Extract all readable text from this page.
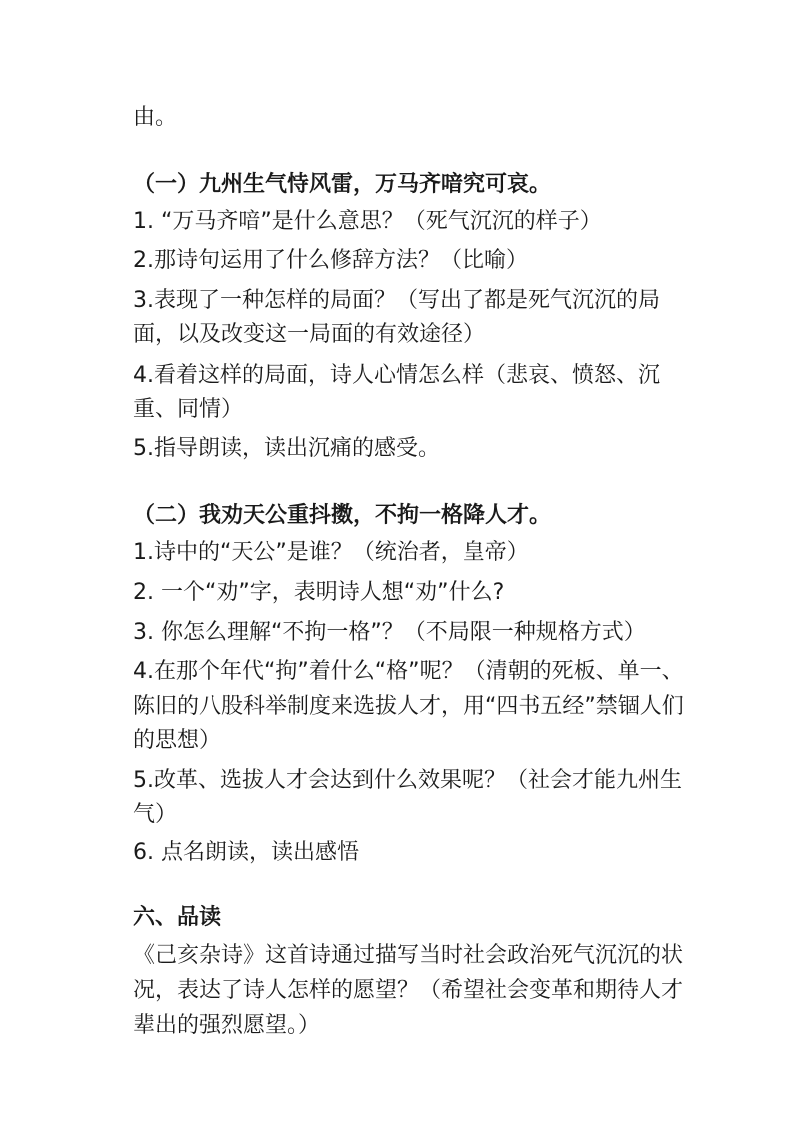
由。
（一）九州生气恃风雷，万马齐喑究可哀。
1. “万马齐喑”是什么意思？（死气沉沉的样子）
2.那诗句运用了什么修辞方法？（比喻）
3.表现了一种怎样的局面？（写出了都是死气沉沉的局
面，以及改变这一局面的有效途径）
4.看着这样的局面，诗人心情怎么样（悲哀、愤怒、沉
重、同情）
5.指导朗读，读出沉痛的感受。
（二）我劝天公重抖擞，不拘一格降人才。
1.诗中的“天公”是谁？（统治者，皇帝）
2. 一个“劝”字，表明诗人想“劝”什么?
3. 你怎么理解“不拘一格”？（不局限一种规格方式）
4.在那个年代“拘”着什么“格”呢？（清朝的死板、单一、
陈旧的八股科举制度来选拔人才，用“四书五经”禁锢人们
的思想）
5.改革、选拔人才会达到什么效果呢？（社会才能九州生
气）
6. 点名朗读，读出感悟
六、品读
《己亥杂诗》这首诗通过描写当时社会政治死气沉沉的状
况，表达了诗人怎样的愿望？（希望社会变革和期待人才
辈出的强烈愿望。）
